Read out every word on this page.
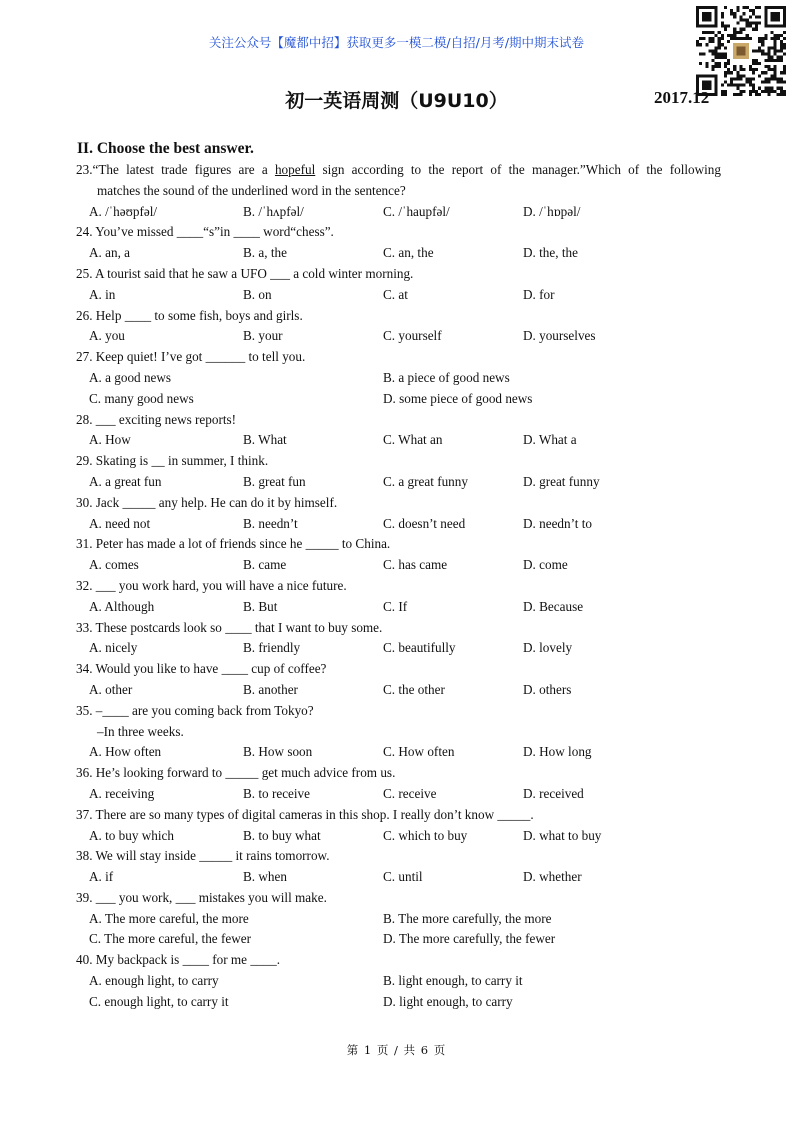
关注公众号【魔都中招】获取更多一模二模/自招/月考/期中期末试卷
初一英语周测（U9U10）	2017.12
II. Choose the best answer.
23.“The latest trade figures are a hopeful sign according to the report of the manager.”Which of the following
matches the sound of the underlined word in the sentence?
A. /ˈhəʊpfəl/	B. /ˈhʌpfəl/	C. /ˈhaupfəl/	D. /ˈhɒpəl/
24. You’ve missed ____“s”in ____ word“chess”.
A. an, a	B. a, the	C. an, the	D. the, the
25. A tourist said that he saw a UFO ___ a cold winter morning.
A. in	B. on	C. at	D. for
26. Help ____ to some fish, boys and girls.
A. you	B. your	C. yourself	D. yourselves
27. Keep quiet! I’ve got ______ to tell you.
A. a good news	B. a piece of good news
C. many good news	D. some piece of good news
28. ___ exciting news reports!
A. How	B. What	C. What an	D. What a
29. Skating is __ in summer, I think.
A. a great fun	B. great fun	C. a great funny	D. great funny
30. Jack _____ any help. He can do it by himself.
A. need not	B. needn’t	C. doesn’t need	D. needn’t to
31. Peter has made a lot of friends since he _____ to China.
A. comes	B. came	C. has came	D. come
32. ___ you work hard, you will have a nice future.
A. Although	B. But	C. If	D. Because
33. These postcards look so ____ that I want to buy some.
A. nicely	B. friendly	C. beautifully	D. lovely
34. Would you like to have ____ cup of coffee?
A. other	B. another	C. the other	D. others
35. –____ are you coming back from Tokyo?
–In three weeks.
A. How often	B. How soon	C. How often	D. How long
36. He’s looking forward to _____ get much advice from us.
A. receiving	B. to receive	C. receive	D. received
37. There are so many types of digital cameras in this shop. I really don’t know _____.
A. to buy which	B. to buy what	C. which to buy	D. what to buy
38. We will stay inside _____ it rains tomorrow.
A. if	B. when	C. until	D. whether
39. ___ you work, ___ mistakes you will make.
A. The more careful, the more	B. The more carefully, the more
C. The more careful, the fewer	D. The more carefully, the fewer
40. My backpack is ____ for me ____.
A. enough light, to carry	B. light enough, to carry it
C. enough light, to carry it	D. light enough, to carry
第 1 页 / 共 6 页
